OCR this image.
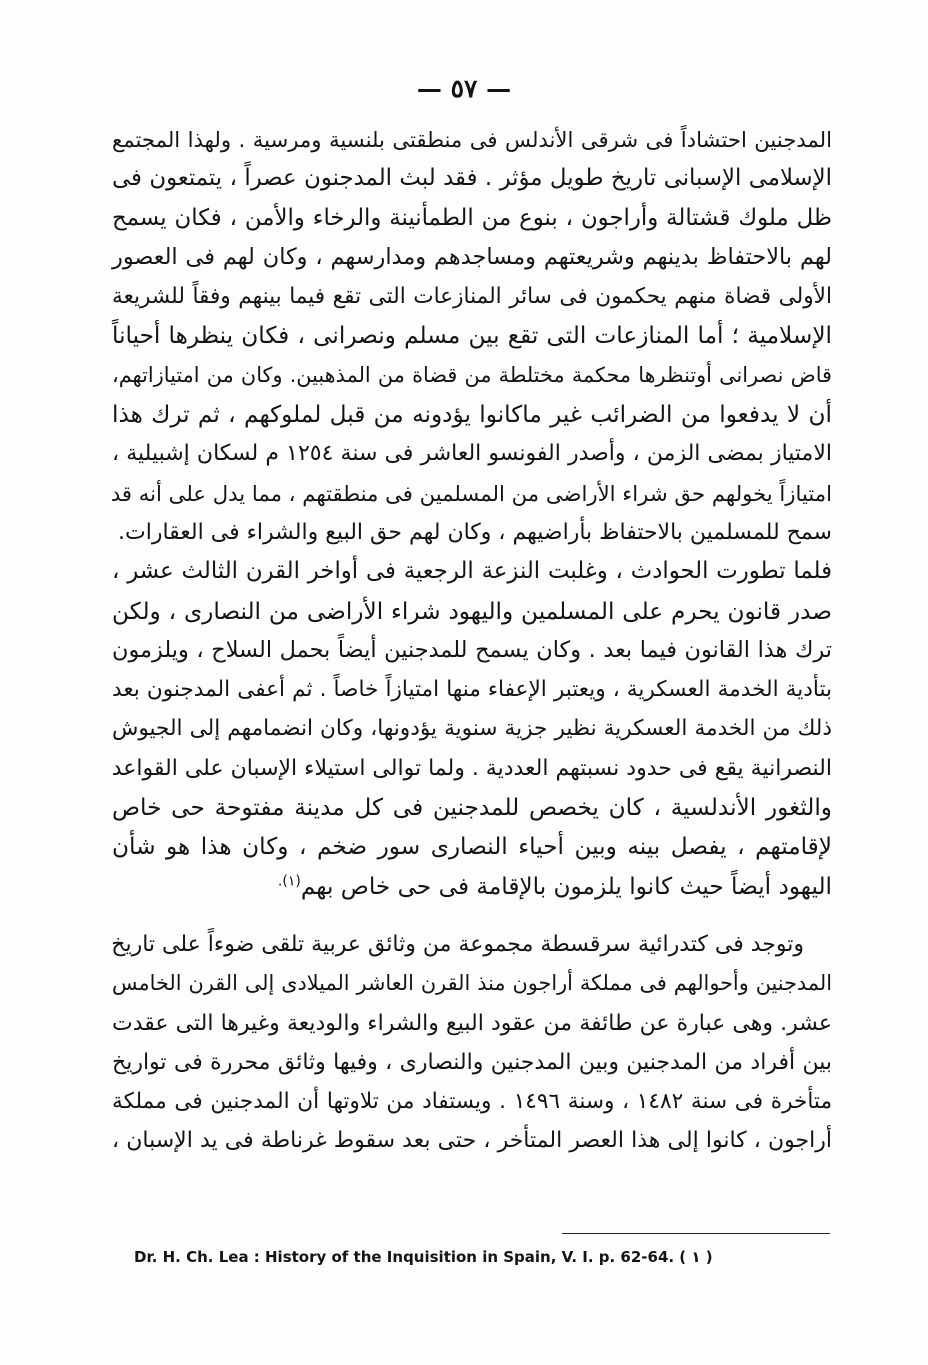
— ٥٧ —
المدجنين احتشاداً فى شرقى الأندلس فى منطقتى بلنسية ومرسية . ولهذا المجتمع
الإسلامى الإسبانى تاريخ طويل مؤثر . فقد لبث المدجنون عصراً ، يتمتعون فى
ظل ملوك قشتالة وأراجون ، بنوع من الطمأنينة والرخاء والأمن ، فكان يسمح
لهم بالاحتفاظ بدينهم وشريعتهم ومساجدهم ومدارسهم ، وكان لهم فى العصور
الأولى قضاة منهم يحكمون فى سائر المنازعات التى تقع فيما بينهم وفقاً للشريعة
الإسلامية ؛ أما المنازعات التى تقع بين مسلم ونصرانى ، فكان ينظرها أحياناً
قاض نصرانى أوتنظرها محكمة مختلطة من قضاة من المذهبين. وكان من امتيازاتهم،
أن لا يدفعوا من الضرائب غير ماكانوا يؤدونه من قبل لملوكهم ، ثم ترك هذا
الامتياز بمضى الزمن ، وأصدر الفونسو العاشر فى سنة ١٢٥٤ م لسكان إشبيلية ،
امتيازاً يخولهم حق شراء الأراضى من المسلمين فى منطقتهم ، مما يدل على أنه قد
سمح للمسلمين بالاحتفاظ بأراضيهم ، وكان لهم حق البيع والشراء فى العقارات.
فلما تطورت الحوادث ، وغلبت النزعة الرجعية فى أواخر القرن الثالث عشر ،
صدر قانون يحرم على المسلمين واليهود شراء الأراضى من النصارى ، ولكن
ترك هذا القانون فيما بعد . وكان يسمح للمدجنين أيضاً بحمل السلاح ، ويلزمون
بتأدية الخدمة العسكرية ، ويعتبر الإعفاء منها امتيازاً خاصاً . ثم أعفى المدجنون بعد
ذلك من الخدمة العسكرية نظير جزية سنوية يؤدونها، وكان انضمامهم إلى الجيوش
النصرانية يقع فى حدود نسبتهم العددية . ولما توالى استيلاء الإسبان على القواعد
والثغور الأندلسية ، كان يخصص للمدجنين فى كل مدينة مفتوحة حى خاص
لإقامتهم ، يفصل بينه وبين أحياء النصارى سور ضخم ، وكان هذا هو شأن
اليهود أيضاً حيث كانوا يلزمون بالإقامة فى حى خاص بهم$^{(١).}$
وتوجد فى كتدرائية سرقسطة مجموعة من وثائق عربية تلقى ضوءاً على تاريخ
المدجنين وأحوالهم فى مملكة أراجون منذ القرن العاشر الميلادى إلى القرن الخامس
عشر. وهى عبارة عن طائفة من عقود البيع والشراء والوديعة وغيرها التى عقدت
بين أفراد من المدجنين وبين المدجنين والنصارى ، وفيها وثائق محررة فى تواريخ
متأخرة فى سنة ١٤٨٢ ، وسنة ١٤٩٦ . ويستفاد من تلاوتها أن المدجنين فى مملكة
أراجون ، كانوا إلى هذا العصر المتأخر ، حتى بعد سقوط غرناطة فى يد الإسبان ،
Dr. H. Ch. Lea : History of the Inquisition in Spain, V. I. p. 62-64. ( ١ )
